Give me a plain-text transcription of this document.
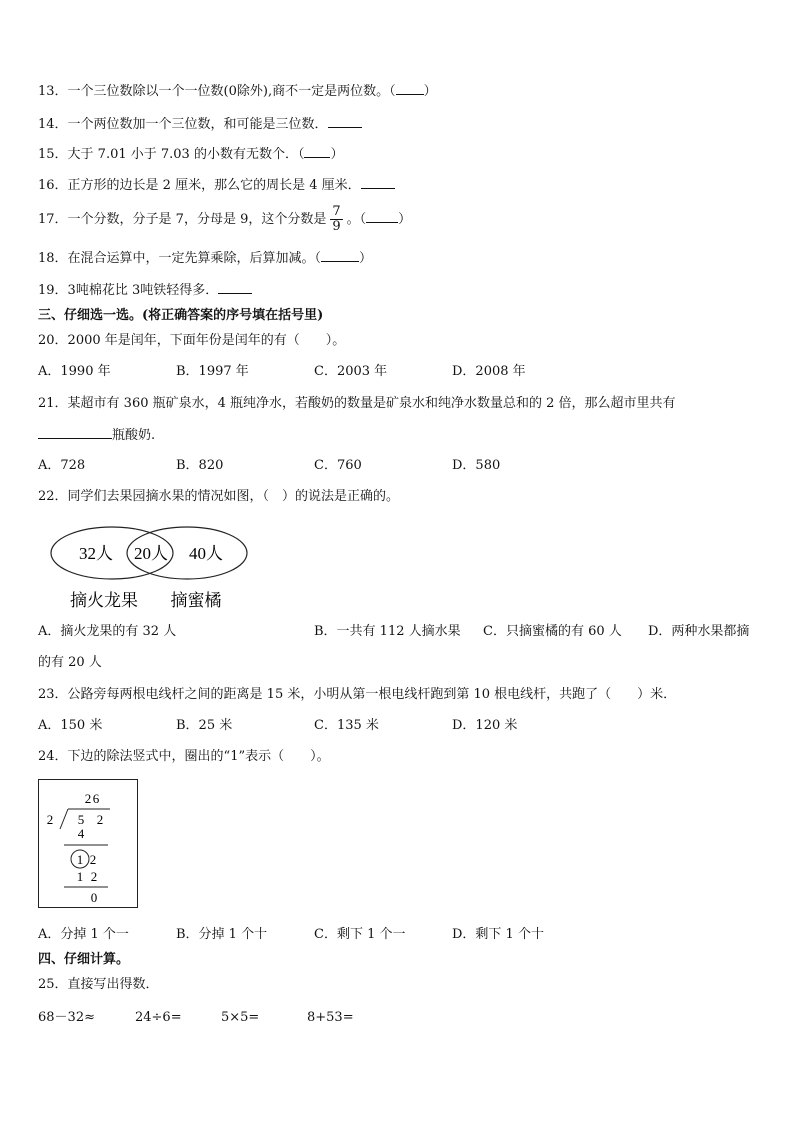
13．一个三位数除以一个一位数(0除外),商不一定是两位数。（ ）
14．一个两位数加一个三位数，和可能是三位数．
15．大于 7.01 小于 7.03 的小数有无数个．（ ）
16．正方形的边长是 2 厘米，那么它的周长是 4 厘米．
17．一个分数，分子是 7，分母是 9，这个分数是 $\frac{7}{9}$ 。（ ）
18．在混合运算中，一定先算乘除，后算加减。（	）
19．3吨棉花比 3吨铁轻得多．
三、仔细选一选。(将正确答案的序号填在括号里)
20．2000 年是闰年，下面年份是闰年的有（　　）。
A．1990 年	B．1997 年	C．2003 年	D．2008 年
21．某超市有 360 瓶矿泉水，4 瓶纯净水，若酸奶的数量是矿泉水和纯净水数量总和的 2 倍，那么超市里共有
瓶酸奶.
A．728	B．820	C．760	D．580
22．同学们去果园摘水果的情况如图，（　）的说法是正确的。
32人 20人 40人
摘火龙果 摘蜜橘
A．摘火龙果的有 32 人	B．一共有 112 人摘水果 C．只摘蜜橘的有 60 人 D．两种水果都摘
的有 20 人
23．公路旁每两根电线杆之间的距离是 15 米，小明从第一根电线杆跑到第 10 根电线杆，共跑了（　　）米．
A．150 米	B．25 米	C．135 米	D．120 米
24．下边的除法竖式中，圈出的“1”表示（　　）。
2 6
2 5 2
4
1 2
1 2
0
A．分掉 1 个一	B．分掉 1 个十	C．剩下 1 个一	D．剩下 1 个十
四、仔细计算。
25．直接写出得数．
68－32≈	24÷6=	5×5=	8+53=
